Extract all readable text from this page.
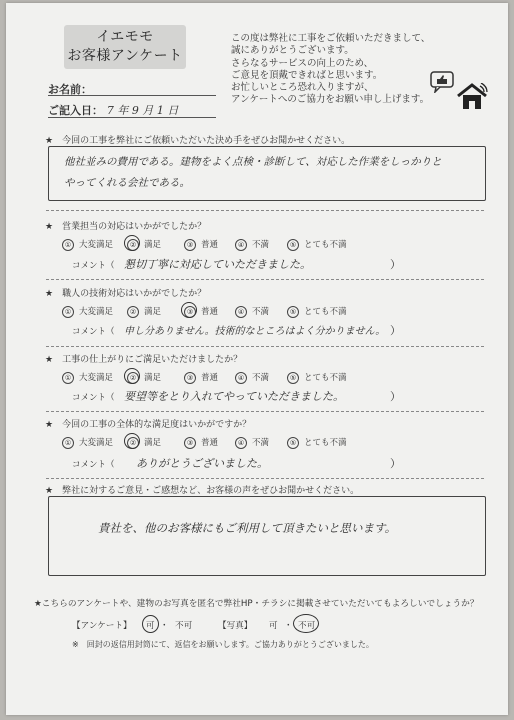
イエモモ
お客様アンケート
この度は弊社に工事をご依頼いただきまして、
誠にありがとうございます。
さらなるサービスの向上のため、
ご意見を頂戴できればと思います。
お忙しいところ恐れ入りますが、
アンケートへのご協力をお願い申し上げます。
お名前：
ご記入日： 7 年 9 月 1 日
★　今回の工事を弊社にご依頼いただいた決め手をぜひお聞かせください。
他社並みの費用である。建物をよく点検・診断して、対応した作業をしっかりと
やってくれる会社である。
★　営業担当の対応はいかがでしたか？
① 大変満足	② 満足	③ 普通	④ 不満	⑤ とても不満
コメント（ 懇切丁寧に対応していただきました。	）
★　職人の技術対応はいかがでしたか？
① 大変満足	② 満足	③ 普通	④ 不満	⑤ とても不満
コメント（ 申し分ありません。技術的なところはよく分かりません。 ）
★　工事の仕上がりにご満足いただけましたか？
① 大変満足	② 満足	③ 普通	④ 不満	⑤ とても不満
コメント（ 要望等をとり入れてやっていただきました。	）
★　今回の工事の全体的な満足度はいかがですか？
① 大変満足	② 満足	③ 普通	④ 不満	⑤ とても不満
コメント（ ありがとうございました。	）
★　弊社に対するご意見・ご感想など、お客様の声をぜひお聞かせください。
貴社を、他のお客様にもご利用して頂きたいと思います。
★こちらのアンケートや、建物のお写真を匿名で弊社HP・チラシに掲載させていただいてもよろしいでしょうか？
【アンケート】 可 ・ 不可	【写真】 可 ・ 不可
※　回封の返信用封筒にて、返信をお願いします。ご協力ありがとうございました。
